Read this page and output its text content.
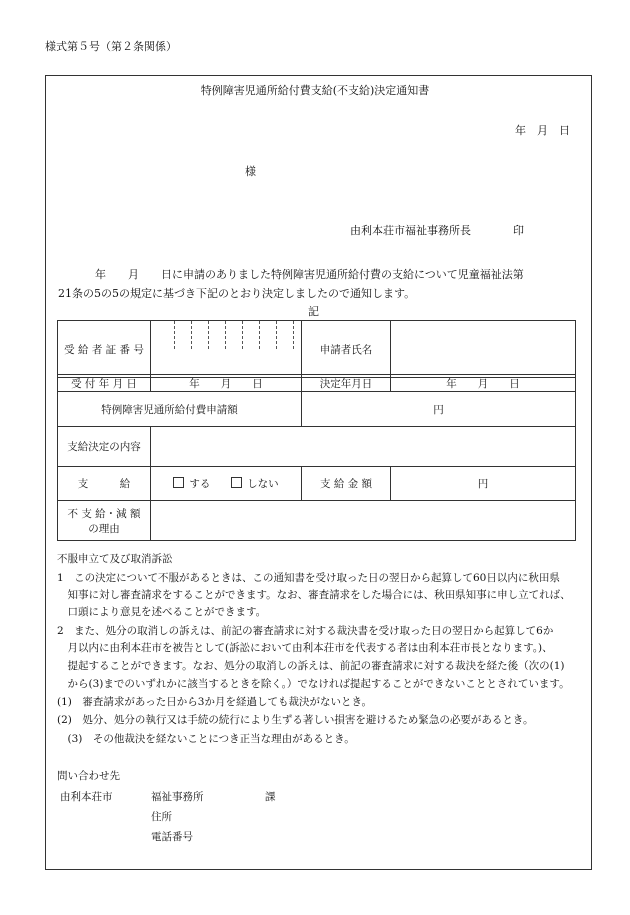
様式第５号（第２条関係）
特例障害児通所給付費支給(不支給)決定通知書
年　月　日
様
由利本荘市福祉事務所長	印
年　　月　　日に申請のありました特例障害児通所給付費の支給について児童福祉法第
21条の5の5の規定に基づき下記のとおり決定しましたので通知します。
記
受 給 者 証 番 号		申請者氏名	
受 付 年 月 日	年　　月　　日	決定年月日	年　　月　　日
特例障害児通所給付費申請額		円	
支給決定の内容			
支　　　給	する しない	支 給 金 額	円

不 支 給・減 額
の理由			

不服申立て及び取消訴訟
1　この決定について不服があるときは、この通知書を受け取った日の翌日から起算して60日以内に秋田県
　知事に対し審査請求をすることができます。なお、審査請求をした場合には、秋田県知事に申し立てれば、
　口頭により意見を述べることができます。
2　また、処分の取消しの訴えは、前記の審査請求に対する裁決書を受け取った日の翌日から起算して6か
　月以内に由利本荘市を被告として(訴訟において由利本荘市を代表する者は由利本荘市長となります。)、
　提起することができます。なお、処分の取消しの訴えは、前記の審査請求に対する裁決を経た後（次の(1)
　から(3)までのいずれかに該当するときを除く。）でなければ提起することができないこととされています。
(1)　審査請求があった日から3か月を経過しても裁決がないとき。
(2)　処分、処分の執行又は手続の続行により生ずる著しい損害を避けるため緊急の必要があるとき。
　(3)　その他裁決を経ないことにつき正当な理由があるとき。
問い合わせ先
由利本荘市	福祉事務所	課
住所
電話番号
